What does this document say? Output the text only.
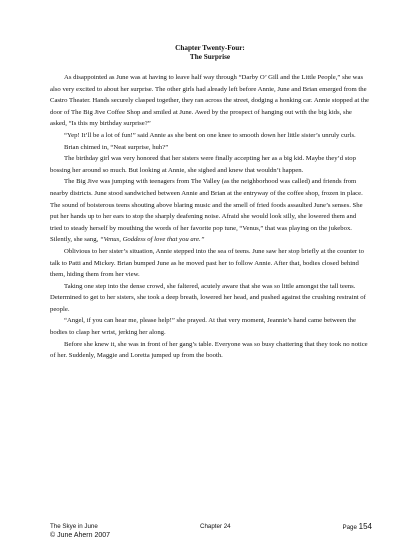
Chapter Twenty-Four:
The Surprise

As disappointed as June was at having to leave half way through “Darby O’ Gill and the Little People,” she was also very excited to about her surprise. The other girls had already left before Annie, June and Brian emerged from the Castro Theater. Hands securely clasped together, they ran across the street, dodging a honking car. Annie stopped at the door of The Big Jive Coffee Shop and smiled at June. Awed by the prospect of hanging out with the big kids, she asked, “Is this my birthday surprise?”

“Yep! It’ll be a lot of fun!” said Annie as she bent on one knee to smooth down her little sister’s unruly curls.

Brian chimed in, “Neat surprise, huh?”

The birthday girl was very honored that her sisters were finally accepting her as a big kid. Maybe they’d stop bossing her around so much. But looking at Annie, she sighed and knew that wouldn’t happen.

The Big Jive was jumping with teenagers from The Valley (as the neighborhood was called) and friends from nearby districts. June stood sandwiched between Annie and Brian at the entryway of the coffee shop, frozen in place. The sound of boisterous teens shouting above blaring music and the smell of fried foods assaulted June’s senses. She put her hands up to her ears to stop the sharply deafening noise. Afraid she would look silly, she lowered them and tried to steady herself by mouthing the words of her favorite pop tune, “Venus,” that was playing on the jukebox. Silently, she sang, “Venus, Goddess of love that you are.”

Oblivious to her sister’s situation, Annie stepped into the sea of teens. June saw her stop briefly at the counter to talk to Patti and Mickey. Brian bumped June as he moved past her to follow Annie. After that, bodies closed behind them, hiding them from her view.

Taking one step into the dense crowd, she faltered, acutely aware that she was so little amongst the tall teens. Determined to get to her sisters, she took a deep breath, lowered her head, and pushed against the crushing restraint of people.

“Angel, if you can hear me, please help!” she prayed. At that very moment, Jeannie’s hand came between the bodies to clasp her wrist, jerking her along.

Before she knew it, she was in front of her gang’s table. Everyone was so busy chattering that they took no notice of her. Suddenly, Maggie and Loretta jumped up from the booth.

The Skye in June	Chapter 24	Page 154
© June Ahern 2007
